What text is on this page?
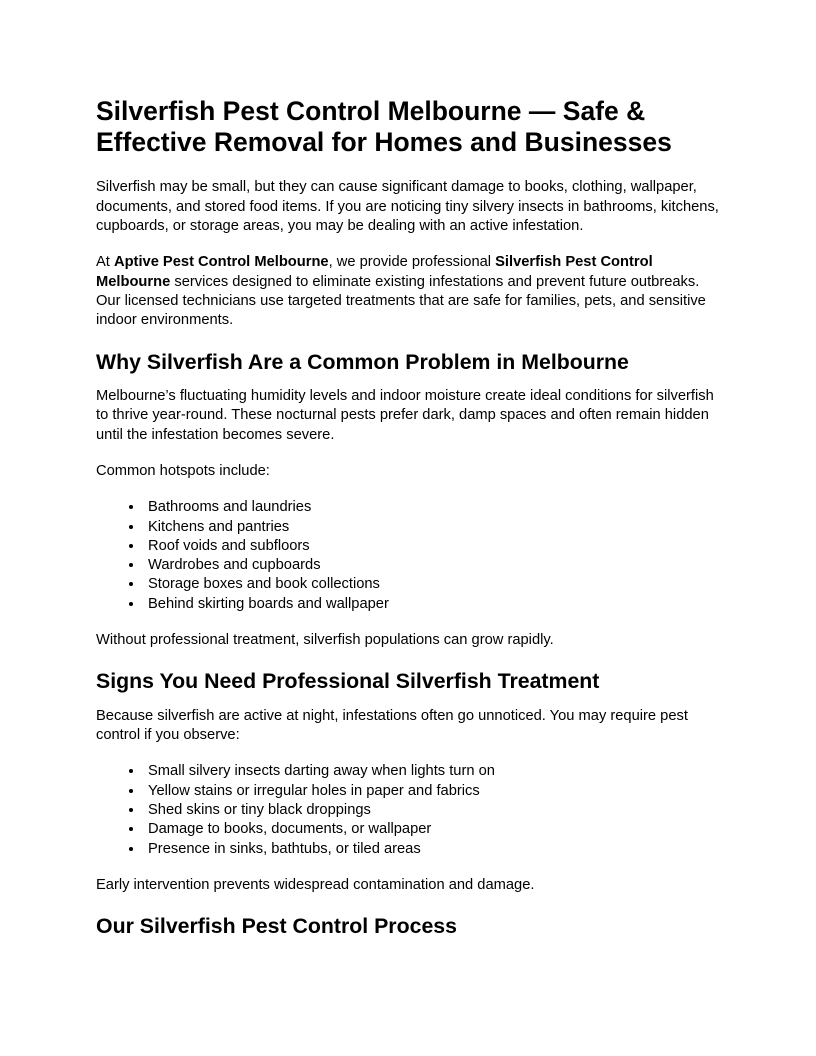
Silverfish Pest Control Melbourne — Safe & Effective Removal for Homes and Businesses

Silverfish may be small, but they can cause significant damage to books, clothing, wallpaper, documents, and stored food items. If you are noticing tiny silvery insects in bathrooms, kitchens, cupboards, or storage areas, you may be dealing with an active infestation.

At Aptive Pest Control Melbourne, we provide professional Silverfish Pest Control Melbourne services designed to eliminate existing infestations and prevent future outbreaks. Our licensed technicians use targeted treatments that are safe for families, pets, and sensitive indoor environments.

Why Silverfish Are a Common Problem in Melbourne

Melbourne’s fluctuating humidity levels and indoor moisture create ideal conditions for silverfish to thrive year-round. These nocturnal pests prefer dark, damp spaces and often remain hidden until the infestation becomes severe.

Common hotspots include:

• Bathrooms and laundries
• Kitchens and pantries
• Roof voids and subfloors
• Wardrobes and cupboards
• Storage boxes and book collections
• Behind skirting boards and wallpaper

Without professional treatment, silverfish populations can grow rapidly.

Signs You Need Professional Silverfish Treatment

Because silverfish are active at night, infestations often go unnoticed. You may require pest control if you observe:

• Small silvery insects darting away when lights turn on
• Yellow stains or irregular holes in paper and fabrics
• Shed skins or tiny black droppings
• Damage to books, documents, or wallpaper
• Presence in sinks, bathtubs, or tiled areas

Early intervention prevents widespread contamination and damage.

Our Silverfish Pest Control Process
